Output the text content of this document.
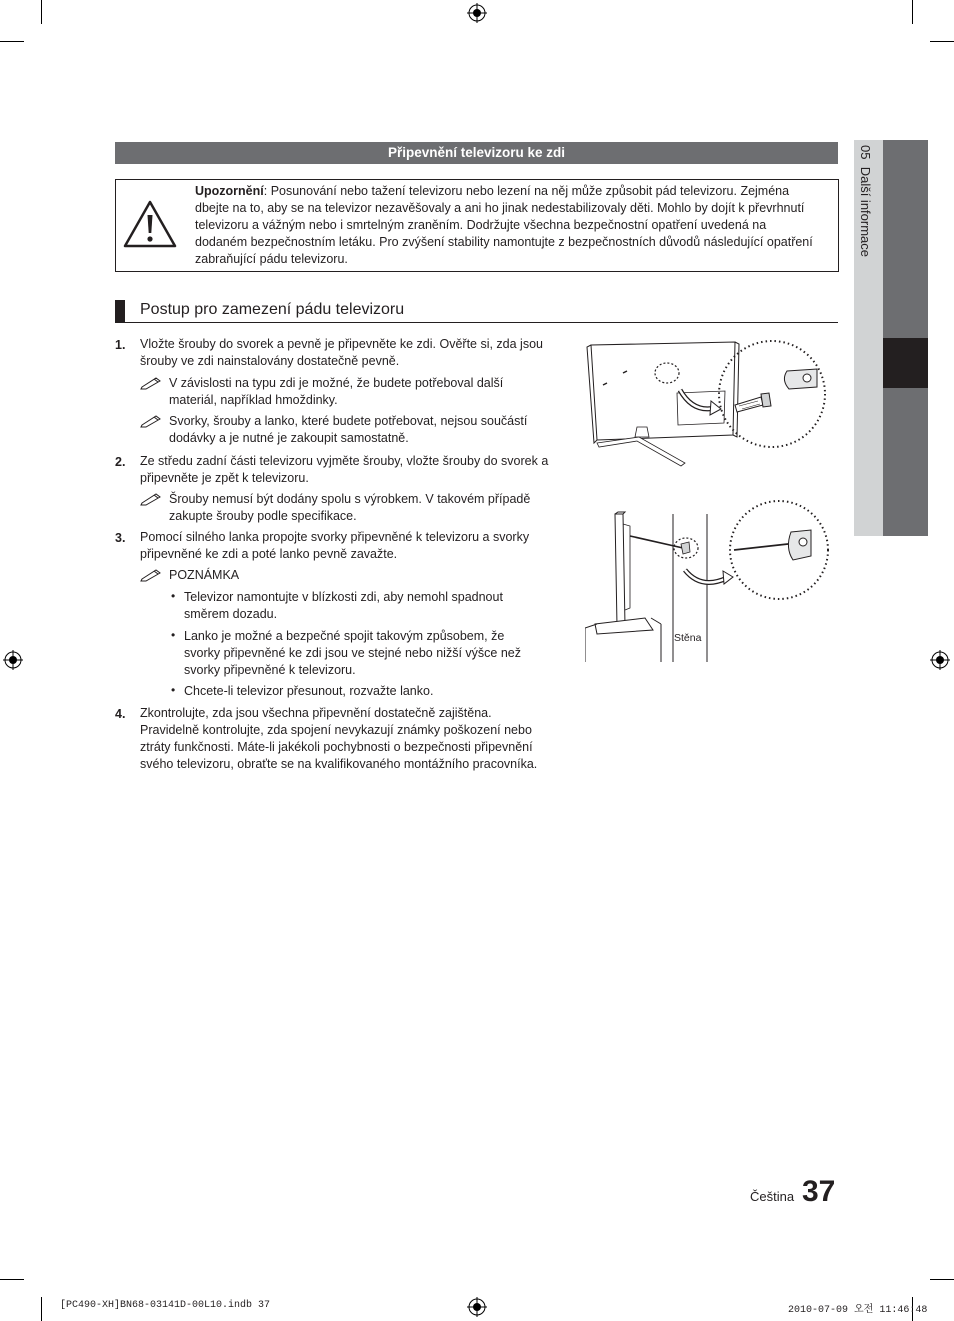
05  Další informace
Připevnění televizoru ke zdi
Upozornění: Posunování nebo tažení televizoru nebo lezení na něj může způsobit pád televizoru. Zejména
dbejte na to, aby se na televizor nezavěšovaly a ani ho jinak nedestabilizovaly děti. Mohlo by dojít k převrhnutí
televizoru a vážným nebo i smrtelným zraněním. Dodržujte všechna bezpečnostní opatření uvedená na
dodaném bezpečnostním letáku. Pro zvýšení stability namontujte z bezpečnostních důvodů následující opatření
zabraňující pádu televizoru.
Postup pro zamezení pádu televizoru
1. Vložte šrouby do svorek a pevně je připevněte ke zdi. Ověřte si, zda jsou
šrouby ve zdi nainstalovány dostatečně pevně.
V závislosti na typu zdi je možné, že budete potřeboval další
materiál, například hmoždinky.
Svorky, šrouby a lanko, které budete potřebovat, nejsou součástí
dodávky a je nutné je zakoupit samostatně.
2. Ze středu zadní části televizoru vyjměte šrouby, vložte šrouby do svorek a
připevněte je zpět k televizoru.
Šrouby nemusí být dodány spolu s výrobkem. V takovém případě
zakupte šrouby podle specifikace.
3. Pomocí silného lanka propojte svorky připevněné k televizoru a svorky
připevněné ke zdi a poté lanko pevně zavažte.
POZNÁMKA
• Televizor namontujte v blízkosti zdi, aby nemohl spadnout
směrem dozadu.
• Lanko je možné a bezpečné spojit takovým způsobem, že
svorky připevněné ke zdi jsou ve stejné nebo nižší výšce než
svorky připevněné k televizoru.
• Chcete-li televizor přesunout, rozvažte lanko.
4. Zkontrolujte, zda jsou všechna připevnění dostatečně zajištěna.
Pravidelně kontrolujte, zda spojení nevykazují známky poškození nebo
ztráty funkčnosti. Máte-li jakékoli pochybnosti o bezpečnosti připevnění
svého televizoru, obraťte se na kvalifikovaného montážního pracovníka.
Stěna
Čeština 37
[PC490-XH]BN68-03141D-00L10.indb 37	2010-07-09 오전 11:46:48
